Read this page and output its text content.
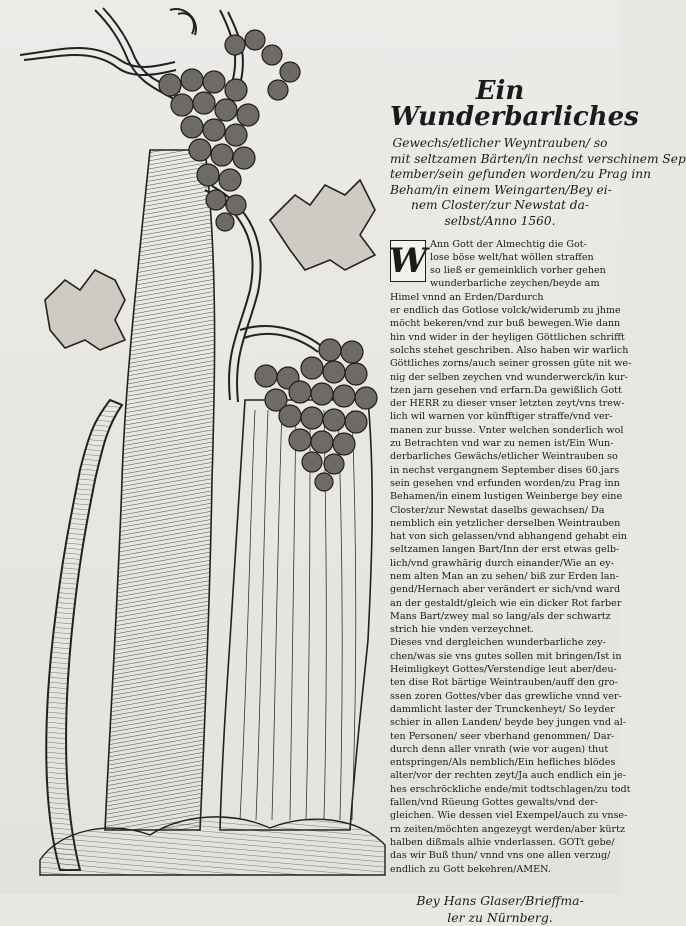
Ein Wunderbarliches
Gewechs/etlicher Weyntrauben/ so
mit seltzamen Bärten/in nechst verschinem Sep
tember/sein gefunden worden/zu Prag inn
Beham/in einem Weingarten/Bey ei-
nem Closter/zur Newstat da-
selbst/Anno 1560.
W Ann Gott der Almechtig die Got-
lose böse welt/hat wöllen straffen
so ließ er gemeinklich vorher gehen
wunderbarliche zeychen/beyde am
Himel vnnd an Erden/Dardurch
er endlich das Gotlose volck/widerumb zu jhme
möcht bekeren/vnd zur buß bewegen.Wie dann
hin vnd wider in der heyligen Göttlichen schrifft
solchs stehet geschriben. Also haben wir warlich
Göttliches zorns/auch seiner grossen güte nit we-
nig der selben zeychen vnd wunderwerck/in kur-
tzen jarn gesehen vnd erfarn.Da gewißlich Gott
der HERR zu dieser vnser letzten zeyt/vns trew-
lich wil warnen vor künfftiger straffe/vnd ver-
manen zur busse. Vnter welchen sonderlich wol
zu Betrachten vnd war zu nemen ist/Ein Wun-
derbarliches Gewächs/etlicher Weintrauben so
in nechst vergangnem September dises 60.jars
sein gesehen vnd erfunden worden/zu Prag inn
Behamen/in einem lustigen Weinberge bey eine
Closter/zur Newstat daselbs gewachsen/ Da
nemblich ein yetzlicher derselben Weintrauben
hat von sich gelassen/vnd abhangend gehabt ein
seltzamen langen Bart/Inn der erst etwas gelb-
lich/vnd grawhärig durch einander/Wie an ey-
nem alten Man an zu sehen/ biß zur Erden lan-
gend/Hernach aber verändert er sich/vnd ward
an der gestaldt/gleich wie ein dicker Rot farber
Mans Bart/zwey mal so lang/als der schwartz
strich hie vnden verzeychnet.
Dieses vnd dergleichen wunderbarliche zey-
chen/was sie vns gutes sollen mit bringen/Ist in
Heimligkeyt Gottes/Verstendige leut aber/deu-
ten dise Rot bärtige Weintrauben/auff den gro-
ssen zoren Gottes/vber das grewliche vnnd ver-
dammlicht laster der Trunckenheyt/ So leyder
schier in allen Landen/ beyde bey jungen vnd al-
ten Personen/ seer vberhand genommen/ Dar-
durch denn aller vnrath (wie vor augen) thut
entspringen/Als nemblich/Ein hefliches blödes
alter/vor der rechten zeyt/Ja auch endlich ein je-
hes erschröckliche ende/mit todtschlagen/zu todt
fallen/vnd Rüeung Gottes gewalts/vnd der-
gleichen. Wie dessen viel Exempel/auch zu vnse-
rn zeiten/möchten angezeygt werden/aber kürtz
halben dißmals alhie vnderlassen. GOTt gebe/
das wir Buß thun/ vnnd vns one allen verzug/
endlich zu Gott bekehren/AMEN.
Bey Hans Glaser/Brieffma-
ler zu Nürnberg.
